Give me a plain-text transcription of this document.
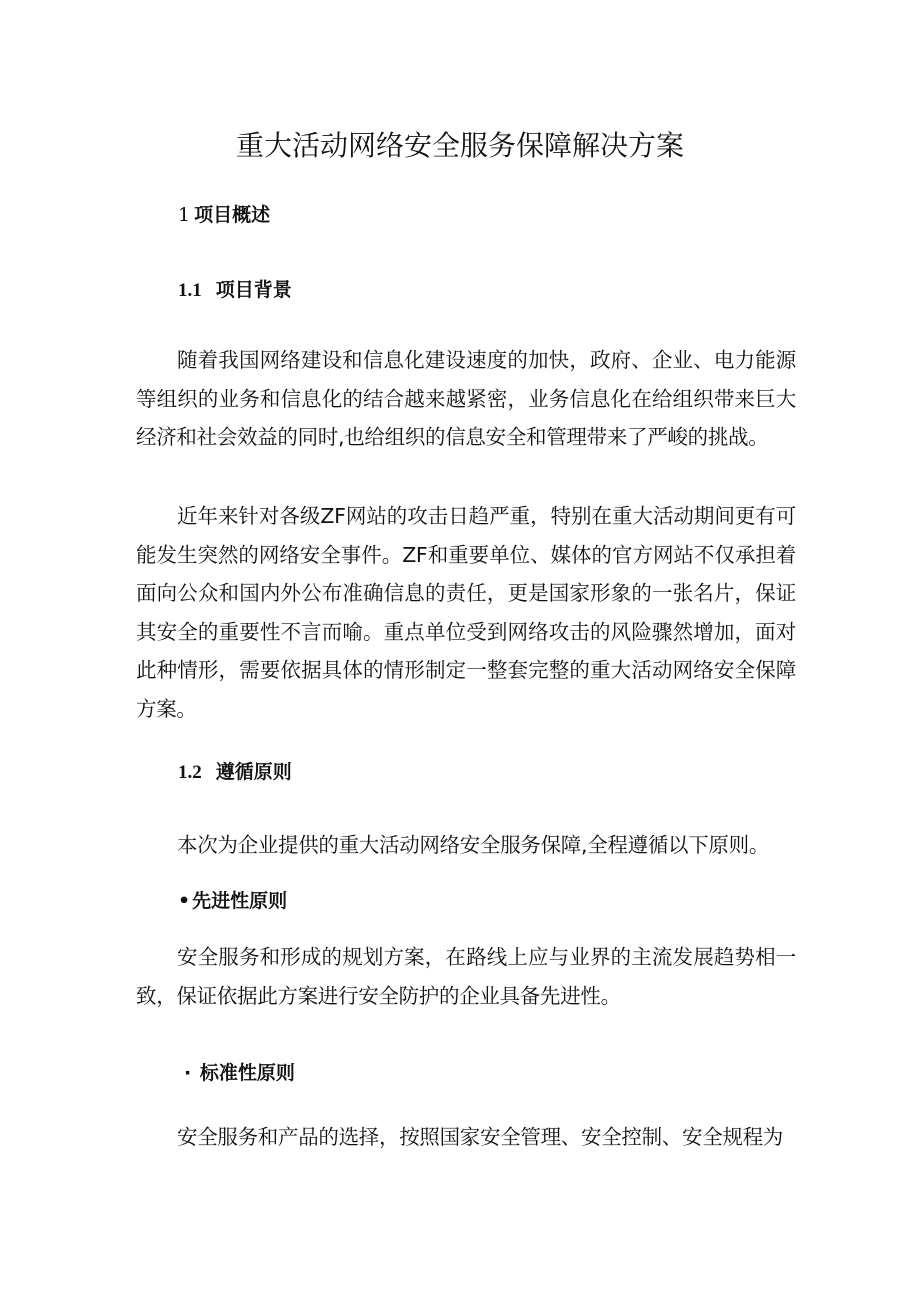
重大活动网络安全服务保障解决方案
1 项目概述
1.1 项目背景
随着我国网络建设和信息化建设速度的加快，政府、企业、电力能源等组织的业务和信息化的结合越来越紧密，业务信息化在给组织带来巨大经济和社会效益的同时,也给组织的信息安全和管理带来了严峻的挑战。
近年来针对各级ZF网站的攻击日趋严重，特别在重大活动期间更有可能发生突然的网络安全事件。ZF和重要单位、媒体的官方网站不仅承担着面向公众和国内外公布准确信息的责任，更是国家形象的一张名片，保证其安全的重要性不言而喻。重点单位受到网络攻击的风险骤然增加，面对此种情形，需要依据具体的情形制定一整套完整的重大活动网络安全保障方案。
1.2 遵循原则
本次为企业提供的重大活动网络安全服务保障,全程遵循以下原则。
• 先进性原则
安全服务和形成的规划方案，在路线上应与业界的主流发展趋势相一致，保证依据此方案进行安全防护的企业具备先进性。
· 标准性原则
安全服务和产品的选择，按照国家安全管理、安全控制、安全规程为
